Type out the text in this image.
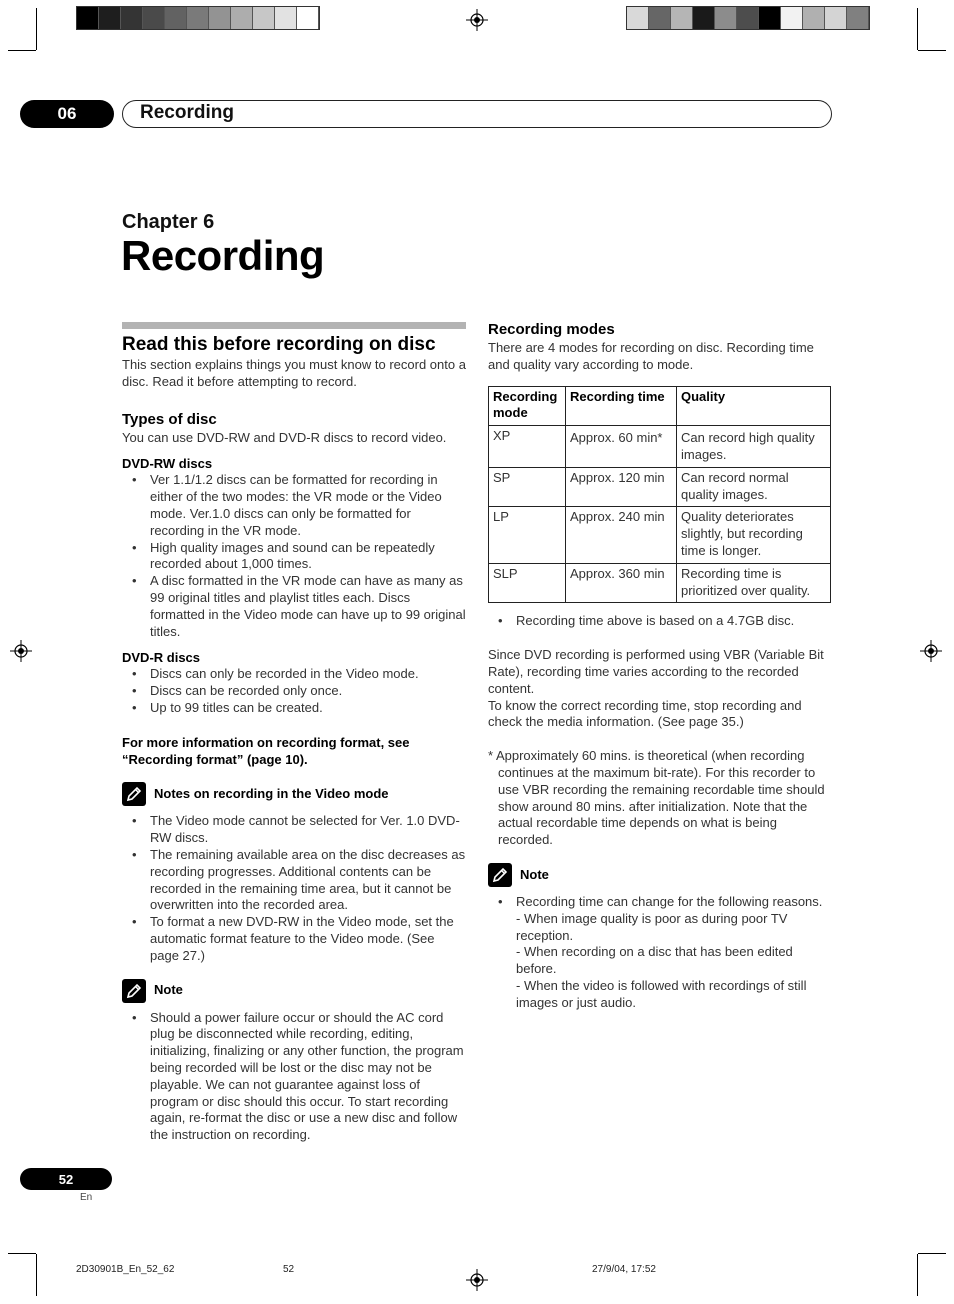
06	Recording
Chapter 6
Recording
Read this before recording on disc

This section explains things you must know to record onto a disc. Read it before attempting to record.

Types of disc

You can use DVD-RW and DVD-R discs to record video.

DVD-RW discs
• Ver 1.1/1.2 discs can be formatted for recording in either of the two modes: the VR mode or the Video mode. Ver.1.0 discs can only be formatted for recording in the VR mode.
• High quality images and sound can be repeatedly recorded about 1,000 times.
• A disc formatted in the VR mode can have as many as 99 original titles and playlist titles each. Discs formatted in the Video mode can have up to 99 original titles.
DVD-R discs
• Discs can only be recorded in the Video mode.
• Discs can be recorded only once.
• Up to 99 titles can be created.

For more information on recording format, see “Recording format” (page 10).

Notes on recording in the Video mode
• The Video mode cannot be selected for Ver. 1.0 DVD-RW discs.
• The remaining available area on the disc decreases as recording progresses. Additional contents can be recorded in the remaining time area, but it cannot be overwritten into the recorded area.
• To format a new DVD-RW in the Video mode, set the automatic format feature to the Video mode. (See page 27.)
Note
• Should a power failure occur or should the AC cord plug be disconnected while recording, editing, initializing, finalizing or any other function, the program being recorded will be lost or the disc may not be playable. We can not guarantee against loss of program or disc should this occur. To start recording again, re-format the disc or use a new disc and follow the instruction on recording.
Recording modes

There are 4 modes for recording on disc. Recording time and quality vary according to mode.

Recording mode	Recording time	Quality
XP	Approx. 60 min*	Can record high quality images.
SP	Approx. 120 min	Can record normal quality images.
LP	Approx. 240 min	Quality deteriorates slightly, but recording time is longer.
SLP	Approx. 360 min	Recording time is prioritized over quality.
• Recording time above is based on a 4.7GB disc.

Since DVD recording is performed using VBR (Variable Bit Rate), recording time varies according to the recorded content.

To know the correct recording time, stop recording and check the media information. (See page 35.)

* Approximately 60 mins. is theoretical (when recording continues at the maximum bit-rate). For this recorder to use VBR recording the remaining recordable time should show around 80 mins. after initialization. Note that the actual recordable time depends on what is being recorded.

Note
• Recording time can change for the following reasons.
- When image quality is poor as during poor TV reception.
- When recording on a disc that has been edited before.
- When the video is followed with recordings of still images or just audio.
52
En
2D30901B_En_52_62	52	27/9/04, 17:52
